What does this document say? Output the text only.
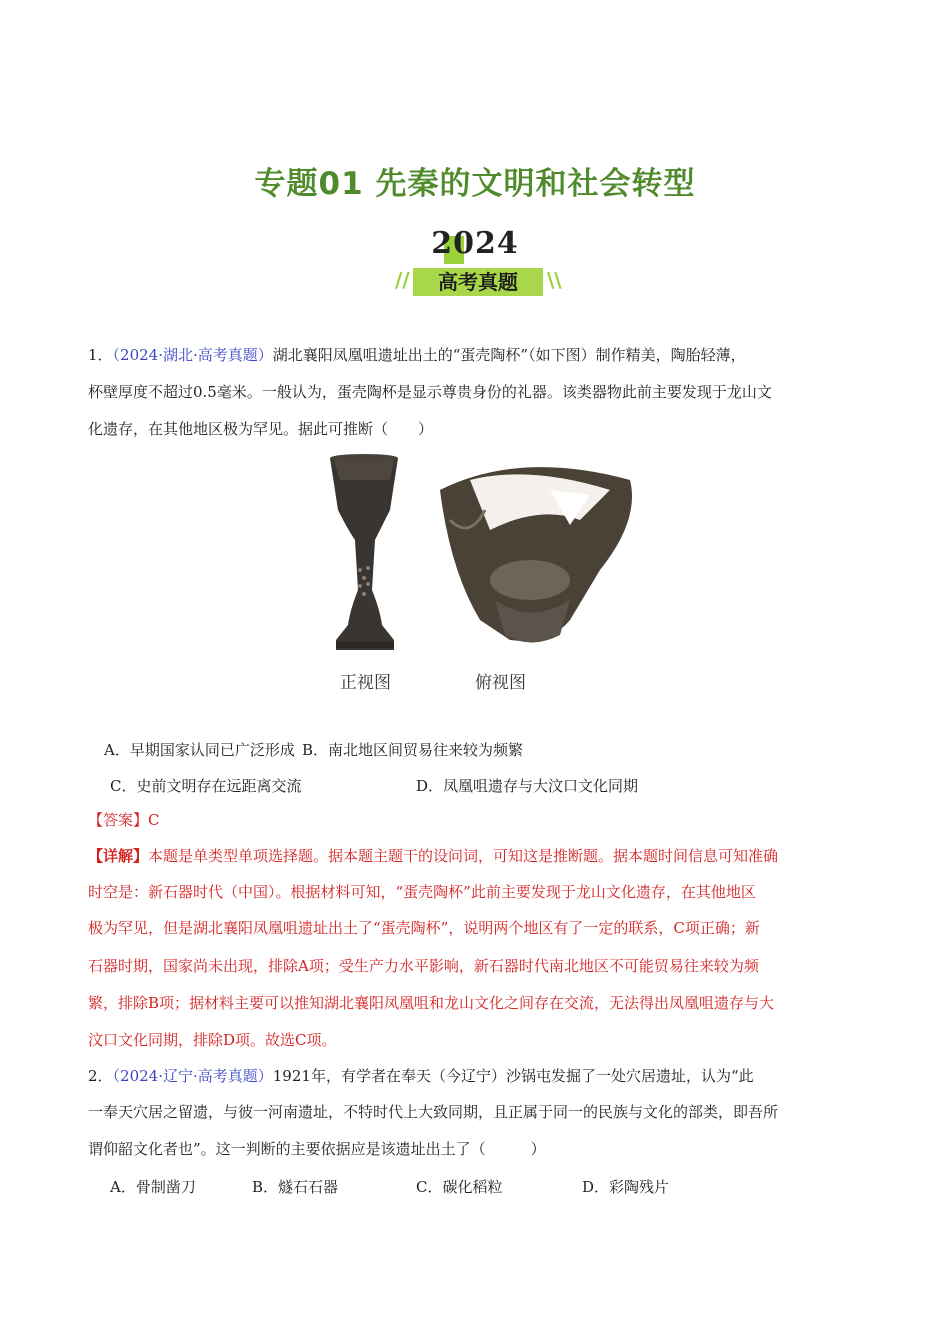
专题01 先秦的文明和社会转型
2024
//	高考真题	\\
1．（2024·湖北·高考真题）湖北襄阳凤凰咀遗址出土的“蛋壳陶杯”（如下图）制作精美，陶胎轻薄，
杯壁厚度不超过0.5毫米。一般认为，蛋壳陶杯是显示尊贵身份的礼器。该类器物此前主要发现于龙山文
化遗存，在其他地区极为罕见。据此可推断（　　）
正视图	俯视图
A．早期国家认同已广泛形成 B．南北地区间贸易往来较为频繁
C．史前文明存在远距离交流	D．凤凰咀遗存与大汶口文化同期
【答案】C
【详解】本题是单类型单项选择题。据本题主题干的设问词，可知这是推断题。据本题时间信息可知准确
时空是：新石器时代（中国）。根据材料可知，“蛋壳陶杯”此前主要发现于龙山文化遗存，在其他地区
极为罕见，但是湖北襄阳凤凰咀遗址出土了“蛋壳陶杯”，说明两个地区有了一定的联系，C项正确；新
石器时期，国家尚未出现，排除A项；受生产力水平影响，新石器时代南北地区不可能贸易往来较为频
繁，排除B项；据材料主要可以推知湖北襄阳凤凰咀和龙山文化之间存在交流，无法得出凤凰咀遗存与大
汶口文化同期，排除D项。故选C项。
2．（2024·辽宁·高考真题）1921年，有学者在奉天（今辽宁）沙锅屯发掘了一处穴居遗址，认为“此
一奉天穴居之留遗，与彼一河南遗址，不特时代上大致同期，且正属于同一的民族与文化的部类，即吾所
谓仰韶文化者也”。这一判断的主要依据应是该遗址出土了（　　　）
A．骨制凿刀	B．燧石石器	C．碳化稻粒	D．彩陶残片
